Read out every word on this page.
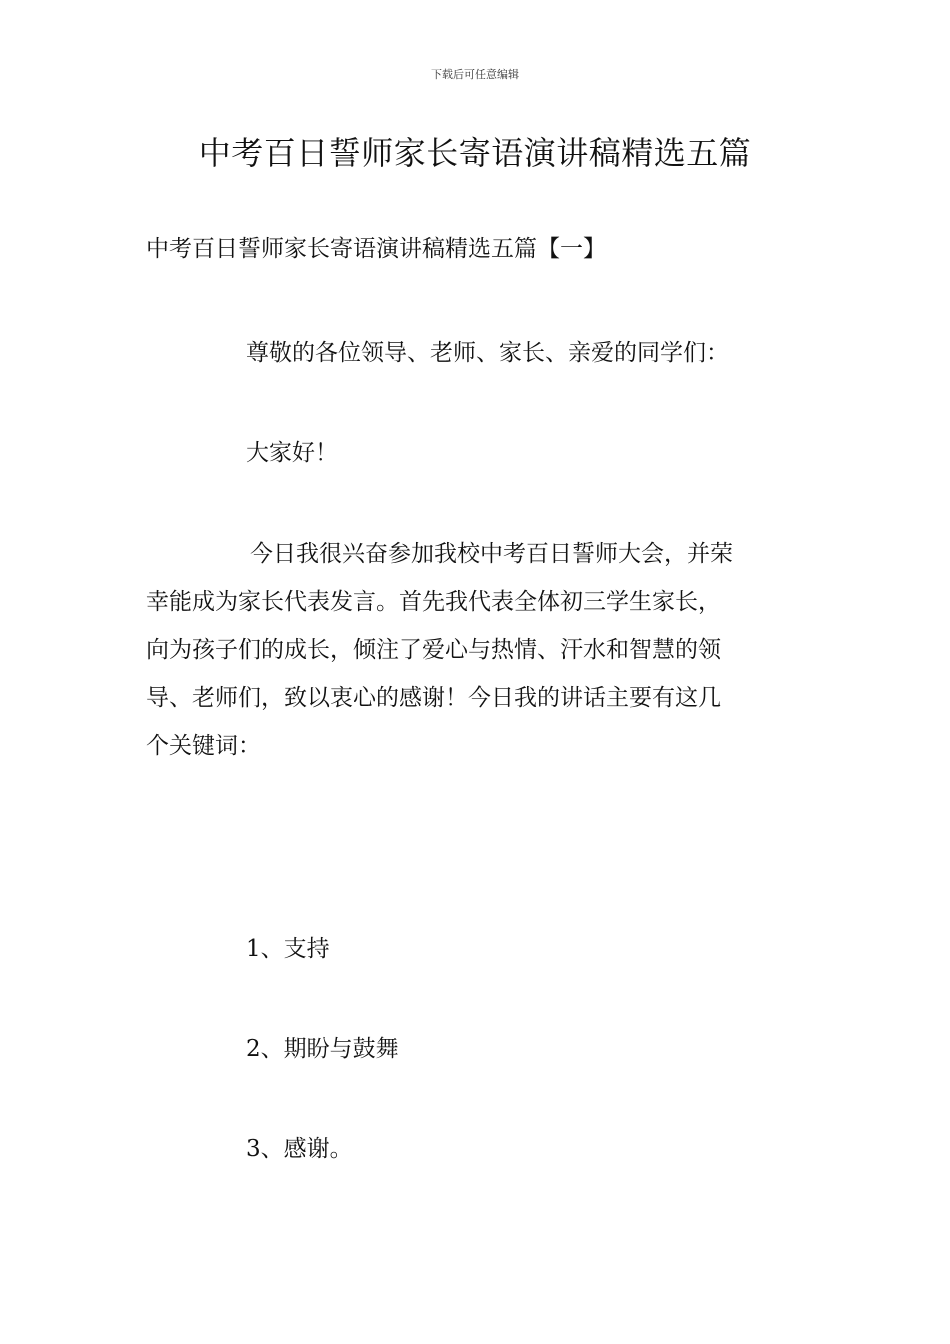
下载后可任意编辑
中考百日誓师家长寄语演讲稿精选五篇
中考百日誓师家长寄语演讲稿精选五篇【一】
尊敬的各位领导、老师、家长、亲爱的同学们：
大家好！
今日我很兴奋参加我校中考百日誓师大会，并荣
幸能成为家长代表发言。首先我代表全体初三学生家长，
向为孩子们的成长，倾注了爱心与热情、汗水和智慧的领
导、老师们，致以衷心的感谢！今日我的讲话主要有这几
个关键词：
1、支持
2、期盼与鼓舞
3、感谢。
